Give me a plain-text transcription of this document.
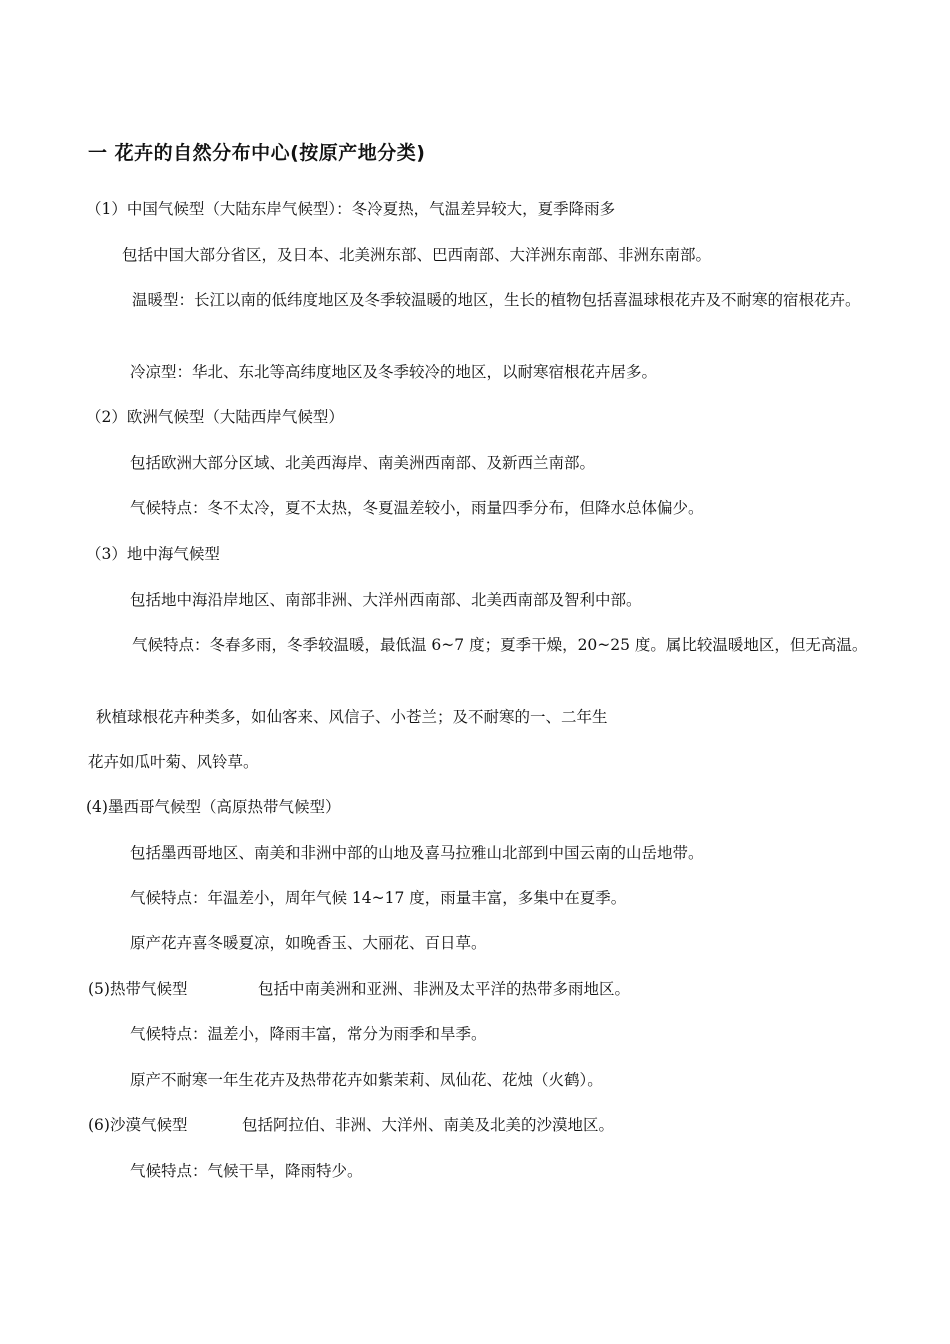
一 花卉的自然分布中心(按原产地分类)
（1）中国气候型（大陆东岸气候型）：冬冷夏热，气温差异较大，夏季降雨多
包括中国大部分省区，及日本、北美洲东部、巴西南部、大洋洲东南部、非洲东南部。
温暖型：长江以南的低纬度地区及冬季较温暖的地区，生长的植物包括喜温球根花卉及不耐寒的宿根花卉。
冷凉型：华北、东北等高纬度地区及冬季较冷的地区，以耐寒宿根花卉居多。
（2）欧洲气候型（大陆西岸气候型）
包括欧洲大部分区域、北美西海岸、南美洲西南部、及新西兰南部。
气候特点：冬不太冷，夏不太热，冬夏温差较小，雨量四季分布，但降水总体偏少。
（3）地中海气候型
包括地中海沿岸地区、南部非洲、大洋州西南部、北美西南部及智利中部。
气候特点：冬春多雨，冬季较温暖，最低温 6~7 度；夏季干燥，20~25 度。属比较温暖地区，但无高温。
秋植球根花卉种类多，如仙客来、风信子、小苍兰；及不耐寒的一、二年生
花卉如瓜叶菊、风铃草。
(4)墨西哥气候型（高原热带气候型）
包括墨西哥地区、南美和非洲中部的山地及喜马拉雅山北部到中国云南的山岳地带。
气候特点：年温差小，周年气候 14~17 度，雨量丰富，多集中在夏季。
原产花卉喜冬暖夏凉，如晚香玉、大丽花、百日草。
(5)热带气候型	包括中南美洲和亚洲、非洲及太平洋的热带多雨地区。
气候特点：温差小，降雨丰富，常分为雨季和旱季。
原产不耐寒一年生花卉及热带花卉如紫茉莉、凤仙花、花烛（火鹤）。
(6)沙漠气候型	包括阿拉伯、非洲、大洋州、南美及北美的沙漠地区。
气候特点：气候干旱，降雨特少。
